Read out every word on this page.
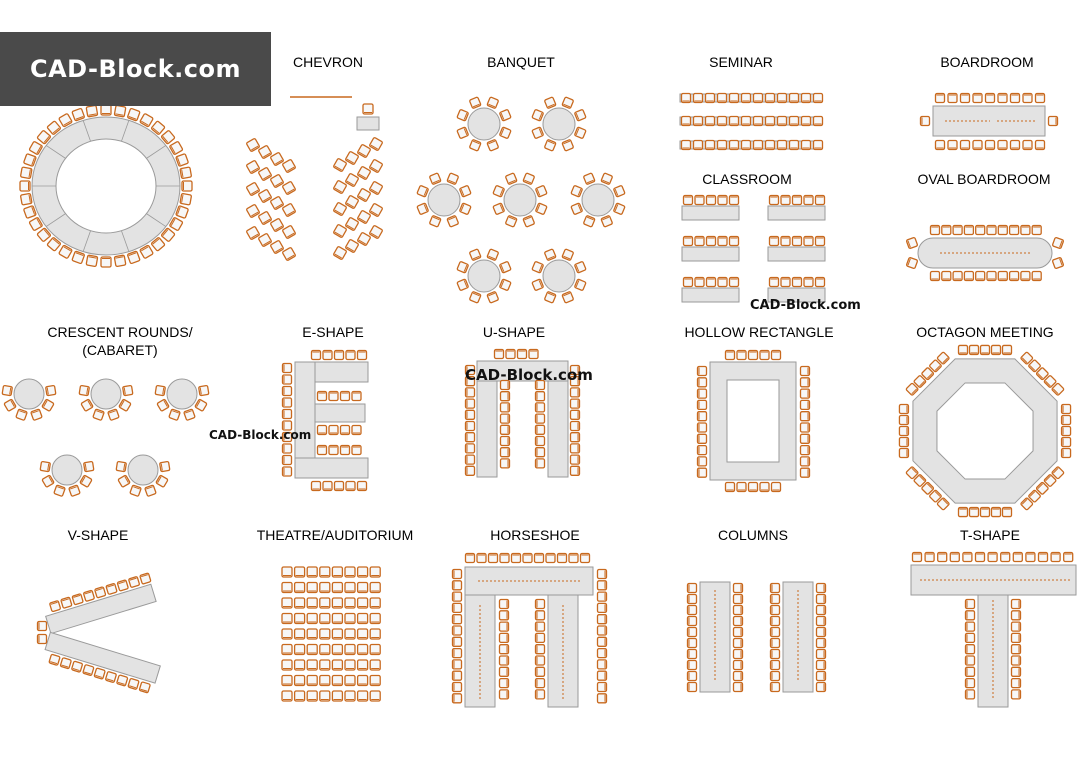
CAD-Block.com	CHEVRON	BANQUET	SEMINAR	BOARDROOM
CLASSROOM	OVAL BOARDROOM
CRESCENT ROUNDS/
(CABARET)
E-SHAPE	U-SHAPE	HOLLOW RECTANGLE	OCTAGON MEETING
V-SHAPE	THEATRE/AUDITORIUM	HORSESHOE	COLUMNS	T-SHAPE
CAD-Block.com
CAD-Block.com
CAD-Block.com
